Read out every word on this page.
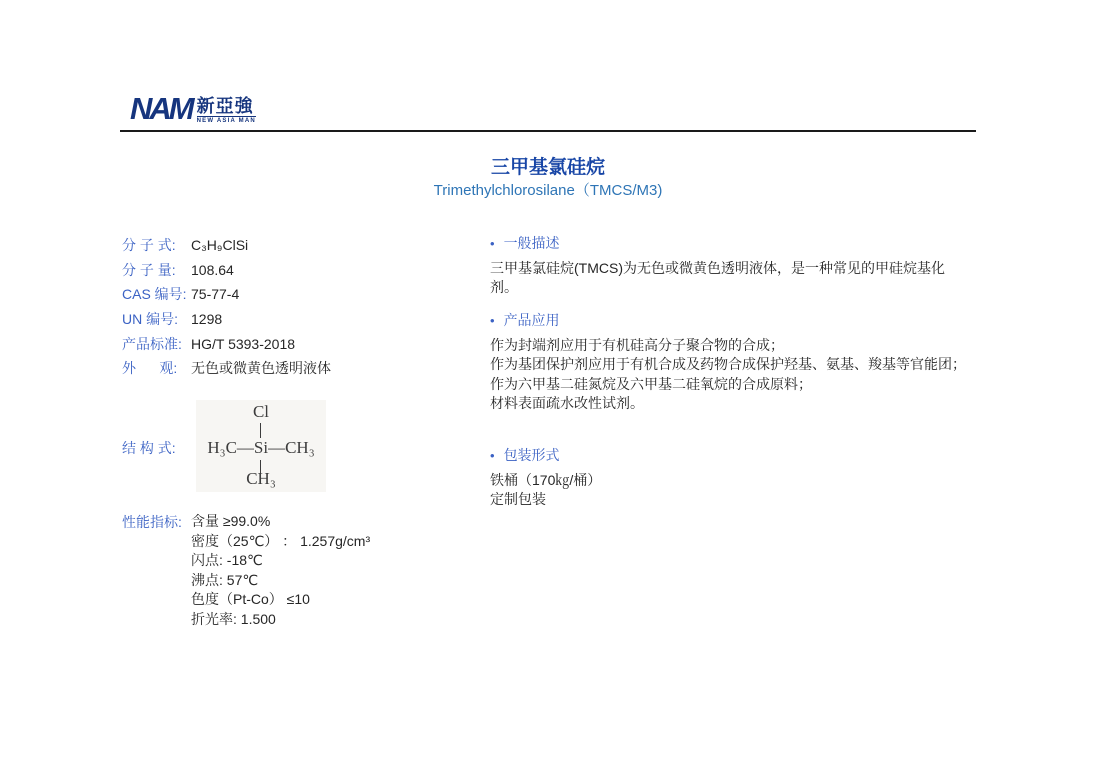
NAM 新亞強
NEW ASIA MAN
三甲基氯硅烷
Trimethylchlorosilane（TMCS/M3)
分 子 式:	C₃H₉ClSi
分 子 量:	108.64
CAS 编号: 75-77-4
UN 编号: 1298
产品标准: HG/T 5393-2018
外      观: 无色或微黄色透明液体
结 构 式:
Cl
H₃C—Si—CH₃
CH₃
性能指标: 含量 ≥99.0%
密度（25℃） ： 1.257g/cm³
闪点: -18℃
沸点: 57℃
色度（Pt-Co） ≤10
折光率: 1.500
• 一般描述
三甲基氯硅烷(TMCS)为无色或微黄色透明液体，是一种常见的甲硅烷基化剂。
• 产品应用
作为封端剂应用于有机硅高分子聚合物的合成；
作为基团保护剂应用于有机合成及药物合成保护羟基、氨基、羧基等官能团；
作为六甲基二硅氮烷及六甲基二硅氧烷的合成原料；
材料表面疏水改性试剂。
• 包装形式
铁桶（170㎏/桶）
定制包装
